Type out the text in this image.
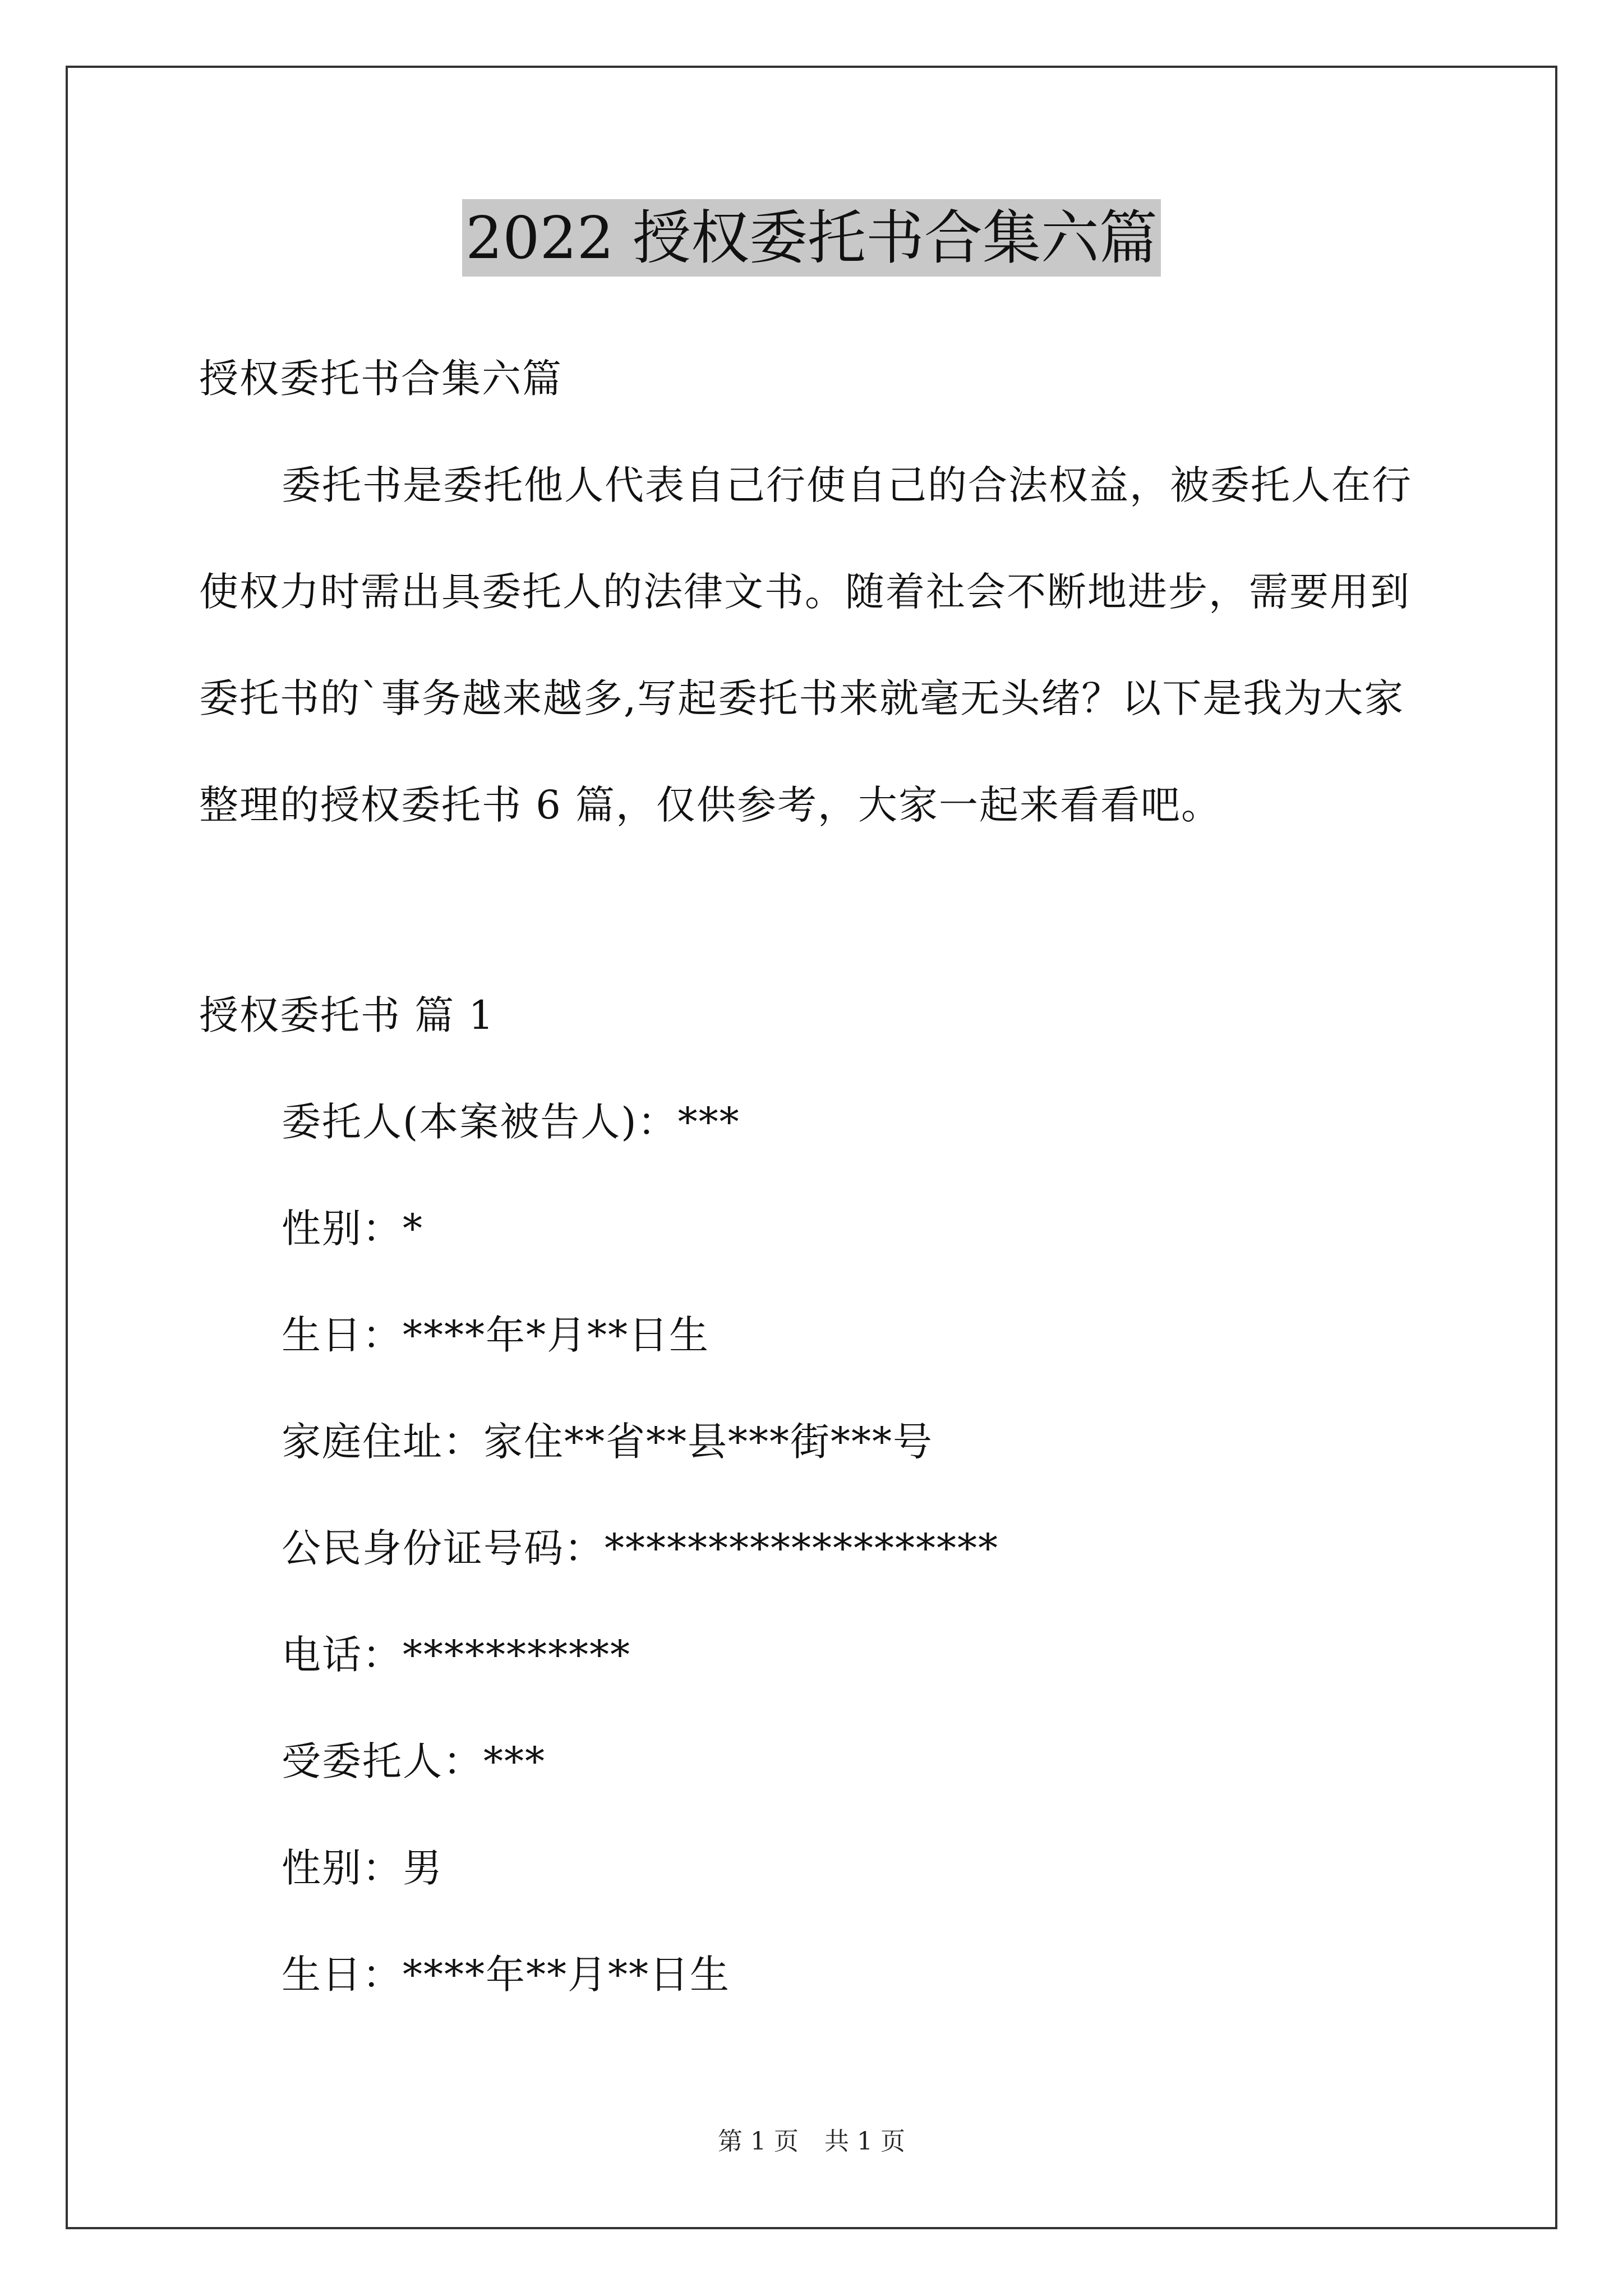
2022 授权委托书合集六篇
授权委托书合集六篇
委托书是委托他人代表自己行使自己的合法权益，被委托人在行
使权力时需出具委托人的法律文书。随着社会不断地进步，需要用到
委托书的`事务越来越多,写起委托书来就毫无头绪？以下是我为大家
整理的授权委托书 6 篇，仅供参考，大家一起来看看吧。
授权委托书 篇 1
委托人(本案被告人)：***
性别：*
生日：****年*月**日生
家庭住址：家住**省**县***街***号
公民身份证号码：*******************
电话：***********
受委托人：***
性别：男
生日：****年**月**日生
第 1 页 共 1 页
